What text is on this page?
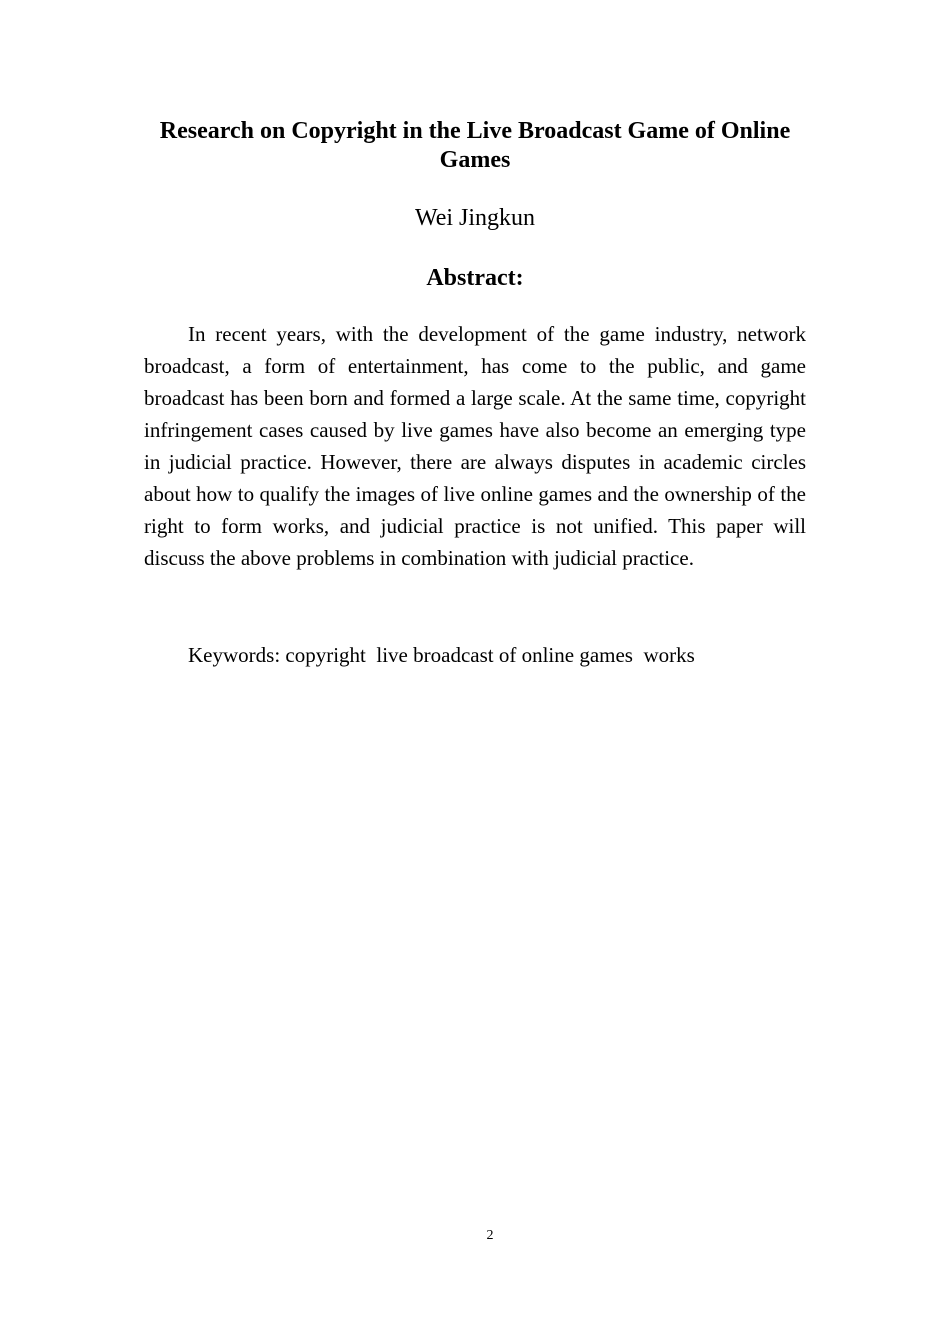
Research on Copyright in the Live Broadcast Game of Online Games
Wei Jingkun
Abstract:

In recent years, with the development of the game industry, network broadcast, a form of entertainment, has come to the public, and game broadcast has been born and formed a large scale. At the same time, copyright infringement cases caused by live games have also become an emerging type in judicial practice. However, there are always disputes in academic circles about how to qualify the images of live online games and the ownership of the right to form works, and judicial practice is not unified. This paper will discuss the above problems in combination with judicial practice.

Keywords: copyright  live broadcast of online games  works
2
